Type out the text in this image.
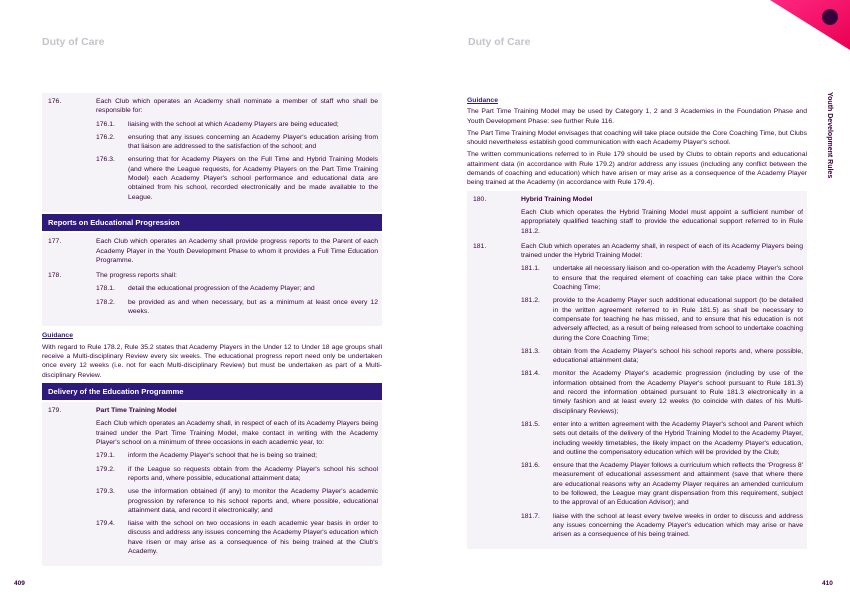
Duty of Care	Duty of Care
Youth Development Rules
409	410
176.	Each Club which operates an Academy shall nominate a member of staff who shall be responsible for:
176.1.	liaising with the school at which Academy Players are being educated;
176.2.	ensuring that any issues concerning an Academy Player's education arising from that liaison are addressed to the satisfaction of the school; and
176.3.	ensuring that for Academy Players on the Full Time and Hybrid Training Models (and where the League requests, for Academy Players on the Part Time Training Model) each Academy Player's school performance and educational data are obtained from his school, recorded electronically and be made available to the League.
Reports on Educational Progression
177.	Each Club which operates an Academy shall provide progress reports to the Parent of each Academy Player in the Youth Development Phase to whom it provides a Full Time Education Programme.
178.	The progress reports shall:
178.1.	detail the educational progression of the Academy Player; and
178.2.	be provided as and when necessary, but as a minimum at least once every 12 weeks.
Guidance
With regard to Rule 178.2, Rule 35.2 states that Academy Players in the Under 12 to Under 18 age groups shall receive a Multi-disciplinary Review every six weeks. The educational progress report need only be undertaken once every 12 weeks (i.e. not for each Multi-disciplinary Review) but must be undertaken as part of a Multi-disciplinary Review.
Delivery of the Education Programme
179.	Part Time Training Model
Each Club which operates an Academy shall, in respect of each of its Academy Players being trained under the Part Time Training Model, make contact in writing with the Academy Player's school on a minimum of three occasions in each academic year, to:
179.1.	inform the Academy Player's school that he is being so trained;
179.2.	if the League so requests obtain from the Academy Player's school his school reports and, where possible, educational attainment data;
179.3.	use the information obtained (if any) to monitor the Academy Player's academic progression by reference to his school reports and, where possible, educational attainment data, and record it electronically; and
179.4.	liaise with the school on two occasions in each academic year basis in order to discuss and address any issues concerning the Academy Player's education which have risen or may arise as a consequence of his being trained at the Club's Academy.
Guidance
The Part Time Training Model may be used by Category 1, 2 and 3 Academies in the Foundation Phase and Youth Development Phase: see further Rule 116.
The Part Time Training Model envisages that coaching will take place outside the Core Coaching Time, but Clubs should nevertheless establish good communication with each Academy Player's school.
The written communications referred to in Rule 179 should be used by Clubs to obtain reports and educational attainment data (in accordance with Rule 179.2) and/or address any issues (including any conflict between the demands of coaching and education) which have arisen or may arise as a consequence of the Academy Player being trained at the Academy (in accordance with Rule 179.4).
180.	Hybrid Training Model
Each Club which operates the Hybrid Training Model must appoint a sufficient number of appropriately qualified teaching staff to provide the educational support referred to in Rule 181.2.
181.	Each Club which operates an Academy shall, in respect of each of its Academy Players being trained under the Hybrid Training Model:
181.1.	undertake all necessary liaison and co-operation with the Academy Player's school to ensure that the required element of coaching can take place within the Core Coaching Time;
181.2.	provide to the Academy Player such additional educational support (to be detailed in the written agreement referred to in Rule 181.5) as shall be necessary to compensate for teaching he has missed, and to ensure that his education is not adversely affected, as a result of being released from school to undertake coaching during the Core Coaching Time;
181.3.	obtain from the Academy Player's school his school reports and, where possible, educational attainment data;
181.4.	monitor the Academy Player's academic progression (including by use of the information obtained from the Academy Player's school pursuant to Rule 181.3) and record the information obtained pursuant to Rule 181.3 electronically in a timely fashion and at least every 12 weeks (to coincide with dates of his Multi-disciplinary Reviews);
181.5.	enter into a written agreement with the Academy Player's school and Parent which sets out details of the delivery of the Hybrid Training Model to the Academy Player, including weekly timetables, the likely impact on the Academy Player's education, and outline the compensatory education which will be provided by the Club;
181.6.	ensure that the Academy Player follows a curriculum which reflects the 'Progress 8' measurement of educational assessment and attainment (save that where there are educational reasons why an Academy Player requires an amended curriculum to be followed, the League may grant dispensation from this requirement, subject to the approval of an Education Advisor); and
181.7.	liaise with the school at least every twelve weeks in order to discuss and address any issues concerning the Academy Player's education which may arise or have arisen as a consequence of his being trained.
